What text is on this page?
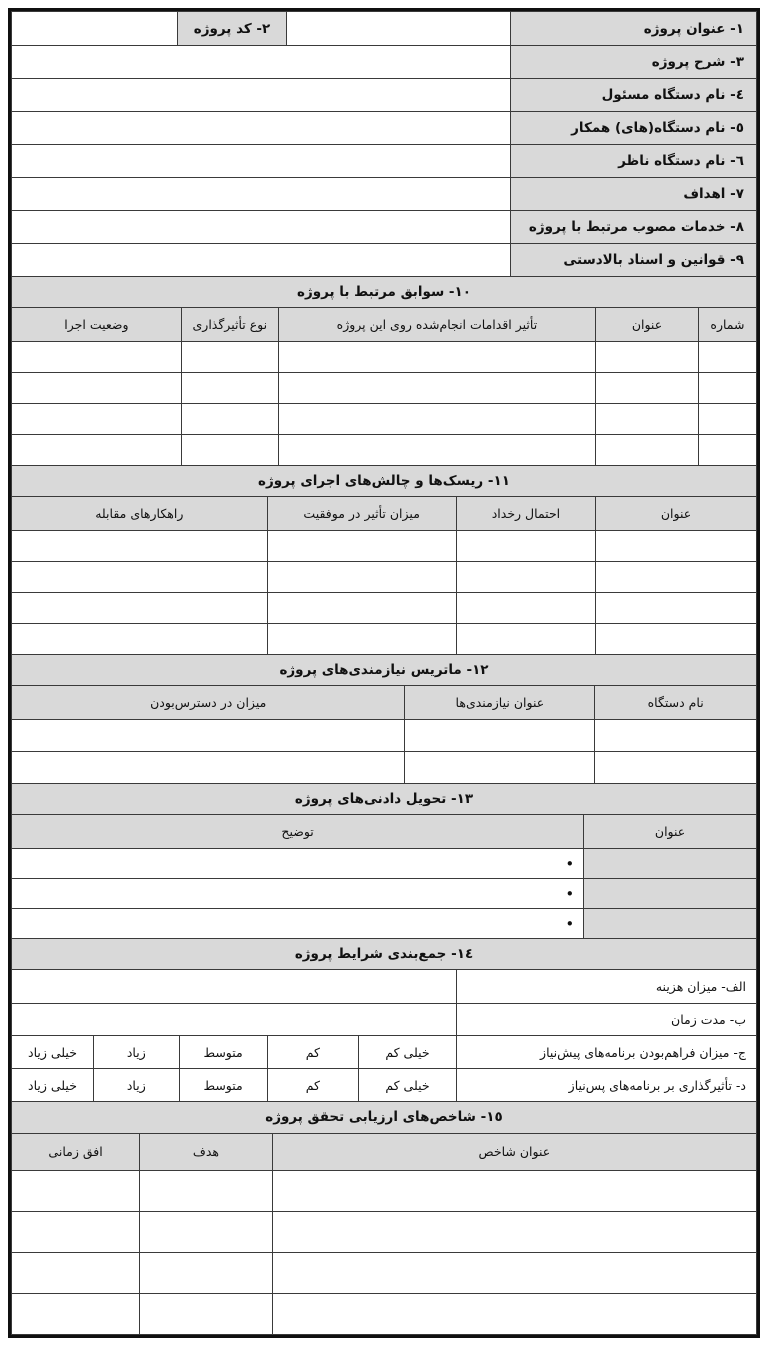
١- عنوان پروژه		٢- کد پروژه	
٣- شرح پروژه			
٤- نام دستگاه مسئول			
٥- نام دستگاه(های) همکار			
٦- نام دستگاه ناظر			
٧- اهداف			
٨- خدمات مصوب مرتبط با پروژه			
٩- قوانین و اسناد بالادستی			
١٠- سوابق مرتبط با پروژه				
شماره	عنوان	تأثیر اقدامات انجام‌شده روی این پروژه	نوع تأثیرگذاری	وضعیت اجرا

١١- ریسک‌ها و چالش‌های اجرای پروژه			
عنوان	احتمال رخداد	میزان تأثیر در موفقیت	راهکارهای مقابله

١٢- ماتریس نیازمندی‌های پروژه		
نام دستگاه	عنوان نیازمندی‌ها	میزان در دسترس‌بودن

١٣- تحویل دادنی‌های پروژه	
عنوان	توضیح
	•
	•
	•
١٤- جمع‌بندی شرایط پروژه					
الف- میزان هزینه					
ب- مدت زمان					
ج- میزان فراهم‌بودن برنامه‌های پیش‌نیاز	خیلی کم	کم	متوسط	زیاد	خیلی زیاد
د- تأثیرگذاری بر برنامه‌های پس‌نیاز	خیلی کم	کم	متوسط	زیاد	خیلی زیاد
١٥- شاخص‌های ارزیابی تحقق پروژه		
عنوان شاخص	هدف	افق زمانی
